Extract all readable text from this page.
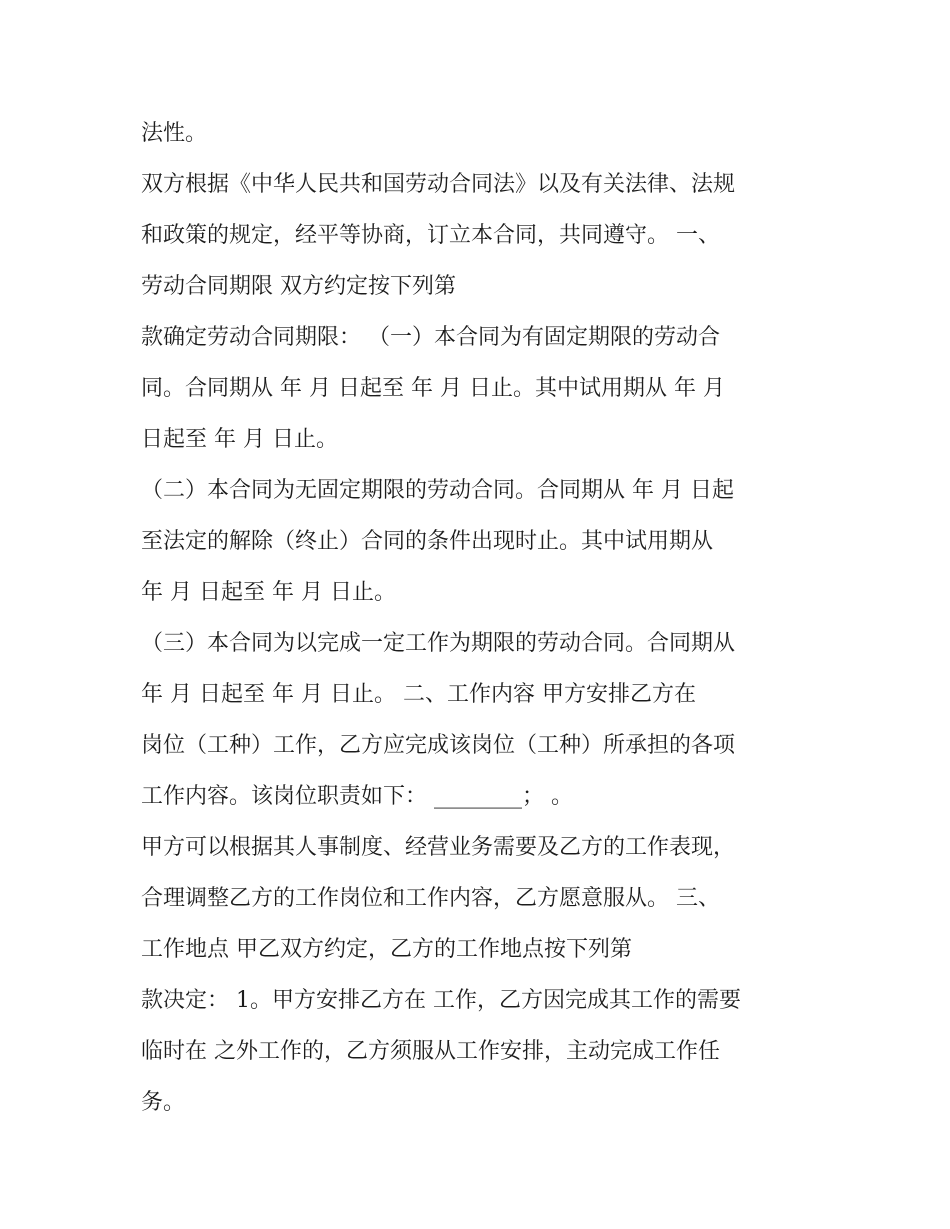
法性。
双方根据《中华人民共和国劳动合同法》以及有关法律、法规
和政策的规定，经平等协商，订立本合同，共同遵守。 一、
劳动合同期限 双方约定按下列第
款确定劳动合同期限： （一）本合同为有固定期限的劳动合
同。合同期从 年 月 日起至 年 月 日止。其中试用期从 年 月
日起至 年 月 日止。
（二）本合同为无固定期限的劳动合同。合同期从 年 月 日起
至法定的解除（终止）合同的条件出现时止。其中试用期从
年 月 日起至 年 月 日止。
（三）本合同为以完成一定工作为期限的劳动合同。合同期从
年 月 日起至 年 月 日止。 二、工作内容 甲方安排乙方在
岗位（工种）工作，乙方应完成该岗位（工种）所承担的各项
工作内容。该岗位职责如下： ________； 。
甲方可以根据其人事制度、经营业务需要及乙方的工作表现，
合理调整乙方的工作岗位和工作内容，乙方愿意服从。 三、
工作地点 甲乙双方约定，乙方的工作地点按下列第
款决定： 1。甲方安排乙方在 工作，乙方因完成其工作的需要
临时在 之外工作的，乙方须服从工作安排，主动完成工作任
务。
